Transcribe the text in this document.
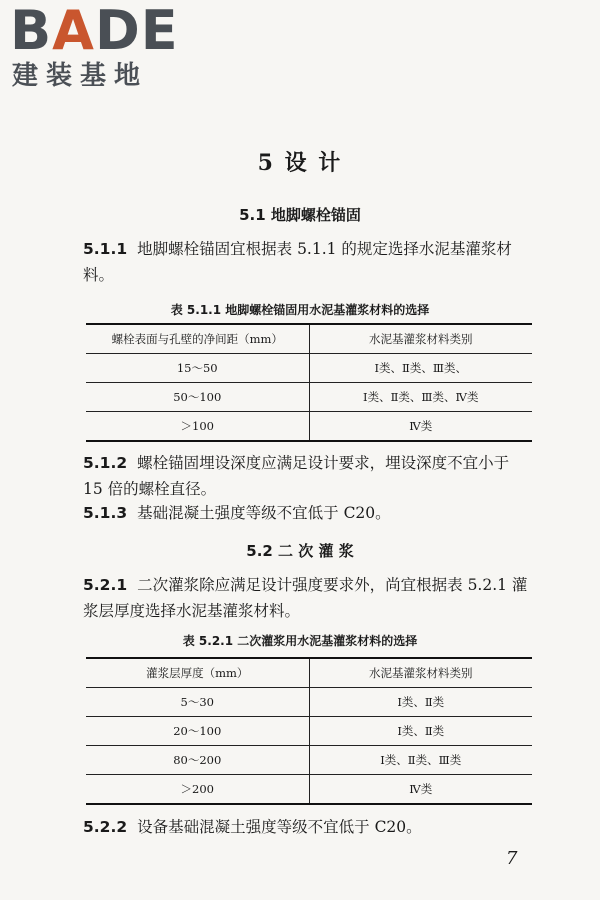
BADE
建装基地
5 设 计
5.1 地脚螺栓锚固
5.1.1 地脚螺栓锚固宜根据表 5.1.1 的规定选择水泥基灌浆材料。
表 5.1.1 地脚螺栓锚固用水泥基灌浆材料的选择
螺栓表面与孔壁的净间距（mm）	水泥基灌浆材料类别
15～50	Ⅰ类、Ⅱ类、Ⅲ类、
50～100	Ⅰ类、Ⅱ类、Ⅲ类、Ⅳ类
＞100	Ⅳ类
5.1.2 螺栓锚固埋设深度应满足设计要求，埋设深度不宜小于 15 倍的螺栓直径。
5.1.3 基础混凝土强度等级不宜低于 C20。
5.2 二 次 灌 浆
5.2.1 二次灌浆除应满足设计强度要求外，尚宜根据表 5.2.1 灌浆层厚度选择水泥基灌浆材料。
表 5.2.1 二次灌浆用水泥基灌浆材料的选择
灌浆层厚度（mm）	水泥基灌浆材料类别
5～30	Ⅰ类、Ⅱ类
20～100	Ⅰ类、Ⅱ类
80～200	Ⅰ类、Ⅱ类、Ⅲ类
＞200	Ⅳ类
5.2.2 设备基础混凝土强度等级不宜低于 C20。
7
